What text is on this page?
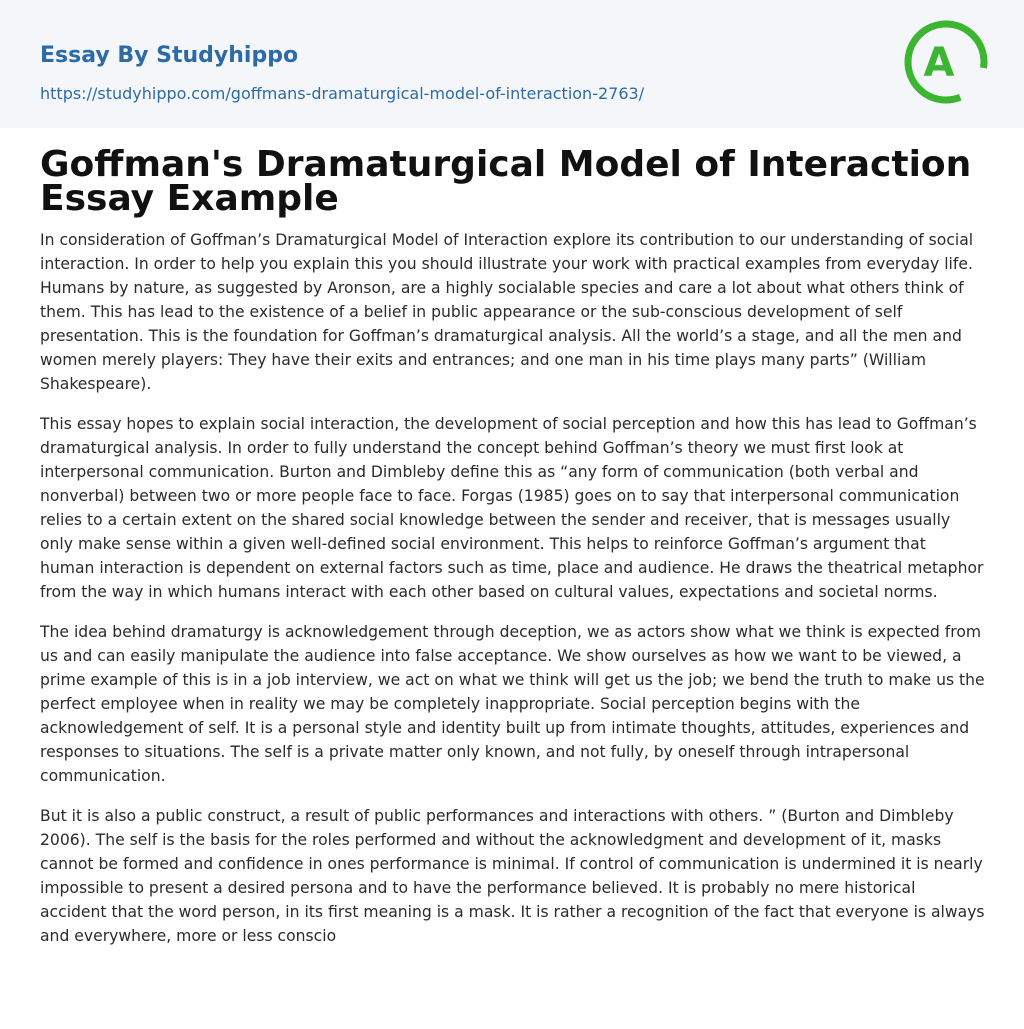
Essay By Studyhippo
https://studyhippo.com/goffmans-dramaturgical-model-of-interaction-2763/
A
Goffman's Dramaturgical Model of Interaction Essay Example

In consideration of Goffman’s Dramaturgical Model of Interaction explore its contribution to our understanding of social interaction. In order to help you explain this you should illustrate your work with practical examples from everyday life. Humans by nature, as suggested by Aronson, are a highly socialable species and care a lot about what others think of them. This has lead to the existence of a belief in public appearance or the sub-conscious development of self presentation. This is the foundation for Goffman’s dramaturgical analysis. All the world’s a stage, and all the men and women merely players: They have their exits and entrances; and one man in his time plays many parts” (William Shakespeare).

This essay hopes to explain social interaction, the development of social perception and how this has lead to Goffman’s dramaturgical analysis. In order to fully understand the concept behind Goffman’s theory we must first look at interpersonal communication. Burton and Dimbleby define this as “any form of communication (both verbal and nonverbal) between two or more people face to face. Forgas (1985) goes on to say that interpersonal communication relies to a certain extent on the shared social knowledge between the sender and receiver, that is messages usually only make sense within a given well-defined social environment. This helps to reinforce Goffman’s argument that human interaction is dependent on external factors such as time, place and audience. He draws the theatrical metaphor from the way in which humans interact with each other based on cultural values, expectations and societal norms.

The idea behind dramaturgy is acknowledgement through deception, we as actors show what we think is expected from us and can easily manipulate the audience into false acceptance. We show ourselves as how we want to be viewed, a prime example of this is in a job interview, we act on what we think will get us the job; we bend the truth to make us the perfect employee when in reality we may be completely inappropriate. Social perception begins with the acknowledgement of self. It is a personal style and identity built up from intimate thoughts, attitudes, experiences and responses to situations. The self is a private matter only known, and not fully, by oneself through intrapersonal communication.

But it is also a public construct, a result of public performances and interactions with others. ” (Burton and Dimbleby 2006). The self is the basis for the roles performed and without the acknowledgment and development of it, masks cannot be formed and confidence in ones performance is minimal. If control of communication is undermined it is nearly impossible to present a desired persona and to have the performance believed. It is probably no mere historical accident that the word person, in its first meaning is a mask. It is rather a recognition of the fact that everyone is always and everywhere, more or less conscio
